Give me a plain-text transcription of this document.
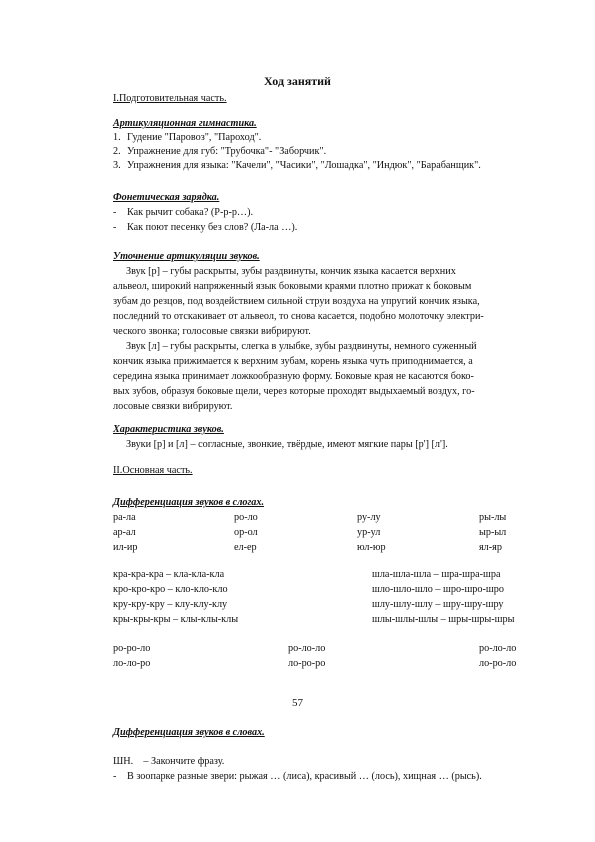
Ход занятий
I.Подготовительная часть.
Артикуляционная гимнастика.
1. Гудение "Паровоз", "Пароход".
2. Упражнение для губ: "Трубочка"- "Заборчик".
3. Упражнения для языка: "Качели", "Часики", "Лошадка", "Индюк", "Барабанщик".
Фонетическая зарядка.
- Как рычит собака? (Р-р-р…).
- Как поют песенку без слов? (Ла-ла …).
Уточнение артикуляции звуков.
Звук [р] – губы раскрыты, зубы раздвинуты, кончик языка касается верхних
альвеол, широкий напряженный язык боковыми краями плотно прижат к боковым
зубам до резцов, под воздействием сильной струи воздуха на упругий кончик языка,
последний то отскакивает от альвеол, то снова касается, подобно молоточку электри-
ческого звонка; голосовые связки вибрируют.
Звук [л] – губы раскрыты, слегка в улыбке, зубы раздвинуты, немного суженный
кончик языка прижимается к верхним зубам, корень языка чуть приподнимается, а
середина языка принимает ложкообразную форму. Боковые края не касаются боко-
вых зубов, образуя боковые щели, через которые проходят выдыхаемый воздух, го-
лосовые связки вибрируют.
Характеристика звуков.
Звуки [р] и [л] – согласные, звонкие, твёрдые, имеют мягкие пары [р'] [л'].
II.Основная часть.
Дифференциация звуков в слогах.
ра-ла	ро-ло	ру-лу	ры-лы
ар-ал	ор-ол	ур-ул	ыр-ыл
ил-ир	ел-ер	юл-юр	ял-яр
кра-кра-кра – кла-кла-кла	шла-шла-шла – шра-шра-шра
кро-кро-кро – кло-кло-кло	шло-шло-шло – шро-шро-шро
кру-кру-кру – клу-клу-клу	шлу-шлу-шлу – шру-шру-шру
кры-кры-кры – клы-клы-клы	шлы-шлы-шлы – шры-шры-шры
ро-ро-ло	ро-ло-ло	ро-ло-ло
ло-ло-ро	ло-ро-ро	ло-ро-ло
57
Дифференциация звуков в словах.
ШН.    – Закончите фразу.
- В зоопарке разные звери: рыжая … (лиса), красивый … (лось), хищная … (рысь).
